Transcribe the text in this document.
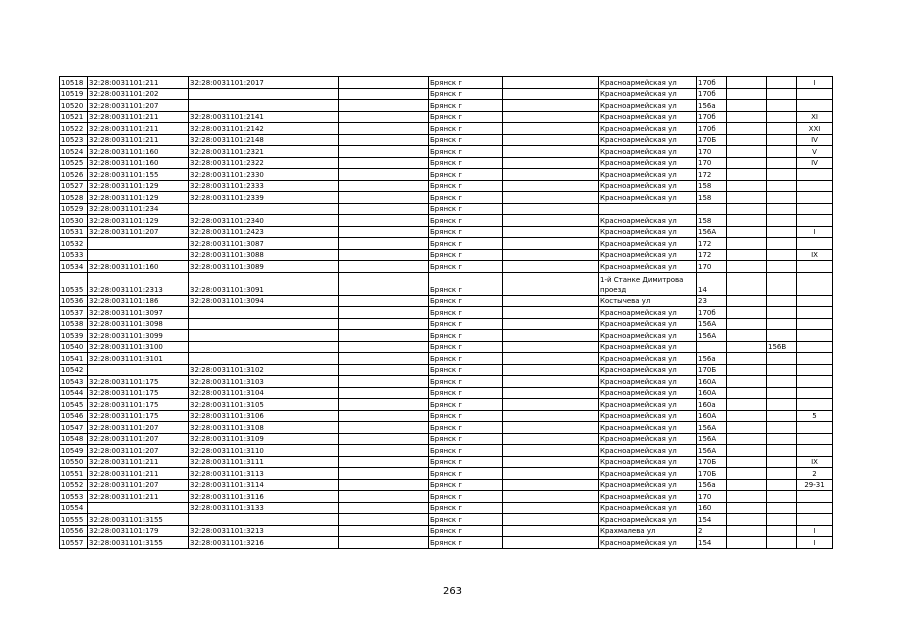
10518	32:28:0031101:211	32:28:0031101:2017		Брянск г		Красноармейская ул	170б			I
10519	32:28:0031101:202			Брянск г		Красноармейская ул	170б			
10520	32:28:0031101:207			Брянск г		Красноармейская ул	156а			
10521	32:28:0031101:211	32:28:0031101:2141		Брянск г		Красноармейская ул	170б			XI
10522	32:28:0031101:211	32:28:0031101:2142		Брянск г		Красноармейская ул	170б			XXI
10523	32:28:0031101:211	32:28:0031101:2148		Брянск г		Красноармейская ул	170Б			IV
10524	32:28:0031101:160	32:28:0031101:2321		Брянск г		Красноармейская ул	170			V
10525	32:28:0031101:160	32:28:0031101:2322		Брянск г		Красноармейская ул	170			IV
10526	32:28:0031101:155	32:28:0031101:2330		Брянск г		Красноармейская ул	172			
10527	32:28:0031101:129	32:28:0031101:2333		Брянск г		Красноармейская ул	158			
10528	32:28:0031101:129	32:28:0031101:2339		Брянск г		Красноармейская ул	158			
10529	32:28:0031101:234			Брянск г						
10530	32:28:0031101:129	32:28:0031101:2340		Брянск г		Красноармейская ул	158			
10531	32:28:0031101:207	32:28:0031101:2423		Брянск г		Красноармейская ул	156А			I
10532		32:28:0031101:3087		Брянск г		Красноармейская ул	172			
10533		32:28:0031101:3088		Брянск г		Красноармейская ул	172			IX
10534	32:28:0031101:160	32:28:0031101:3089		Брянск г		Красноармейская ул	170			
10535	32:28:0031101:2313	32:28:0031101:3091		Брянск г		1-й Станке Димитрова проезд	14			
10536	32:28:0031101:186	32:28:0031101:3094		Брянск г		Костычева ул	23			
10537	32:28:0031101:3097			Брянск г		Красноармейская ул	170б			
10538	32:28:0031101:3098			Брянск г		Красноармейская ул	156А			
10539	32:28:0031101:3099			Брянск г		Красноармейская ул	156А			
10540	32:28:0031101:3100			Брянск г		Красноармейская ул			156В	
10541	32:28:0031101:3101			Брянск г		Красноармейская ул	156а			
10542		32:28:0031101:3102		Брянск г		Красноармейская ул	170Б			
10543	32:28:0031101:175	32:28:0031101:3103		Брянск г		Красноармейская ул	160А			
10544	32:28:0031101:175	32:28:0031101:3104		Брянск г		Красноармейская ул	160А			
10545	32:28:0031101:175	32:28:0031101:3105		Брянск г		Красноармейская ул	160а			
10546	32:28:0031101:175	32:28:0031101:3106		Брянск г		Красноармейская ул	160А			5
10547	32:28:0031101:207	32:28:0031101:3108		Брянск г		Красноармейская ул	156А			
10548	32:28:0031101:207	32:28:0031101:3109		Брянск г		Красноармейская ул	156А			
10549	32:28:0031101:207	32:28:0031101:3110		Брянск г		Красноармейская ул	156А			
10550	32:28:0031101:211	32:28:0031101:3111		Брянск г		Красноармейская ул	170Б			IX
10551	32:28:0031101:211	32:28:0031101:3113		Брянск г		Красноармейская ул	170Б			2
10552	32:28:0031101:207	32:28:0031101:3114		Брянск г		Красноармейская ул	156а			29-31
10553	32:28:0031101:211	32:28:0031101:3116		Брянск г		Красноармейская ул	170			
10554		32:28:0031101:3133		Брянск г		Красноармейская ул	160			
10555	32:28:0031101:3155			Брянск г		Красноармейская ул	154			
10556	32:28:0031101:179	32:28:0031101:3213		Брянск г		Крахмалева ул	2			I
10557	32:28:0031101:3155	32:28:0031101:3216		Брянск г		Красноармейская ул	154			I
263
